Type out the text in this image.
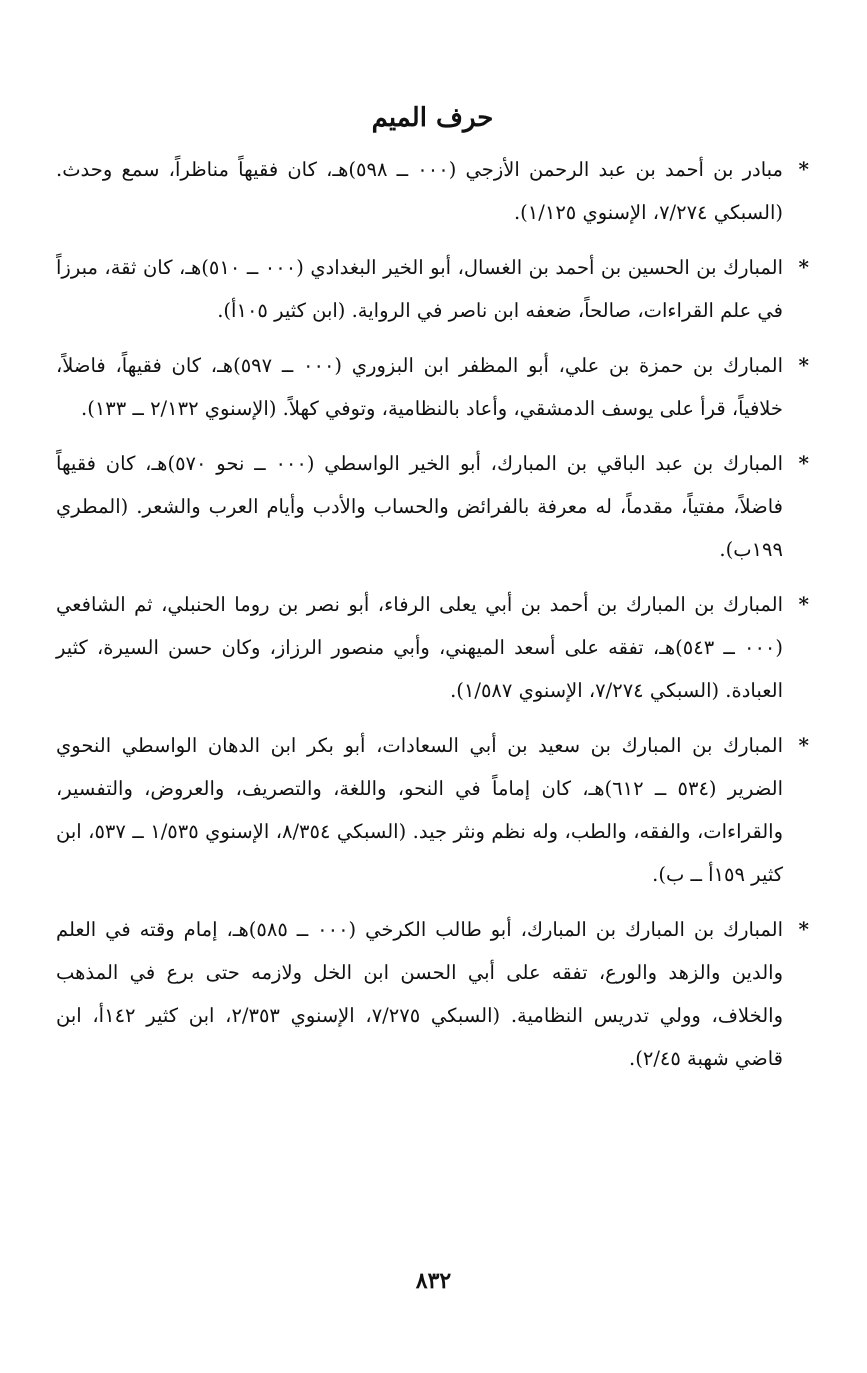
حرف الميم
*
مبادر بن أحمد بن عبد الرحمن الأزجي (٠٠٠ ــ ٥٩٨)هـ، كان فقيهاً مناظراً، سمع وحدث. (السبكي ٧/٢٧٤، الإسنوي ١/١٢٥).
*
المبارك بن الحسين بن أحمد بن الغسال، أبو الخير البغدادي (٠٠٠ ــ ٥١٠)هـ، كان ثقة، مبرزاً في علم القراءات، صالحاً، ضعفه ابن ناصر في الرواية. (ابن كثير ١٠٥أ).
*
المبارك بن حمزة بن علي، أبو المظفر ابن البزوري (٠٠٠ ــ ٥٩٧)هـ، كان فقيهاً، فاضلاً، خلافياً، قرأ على يوسف الدمشقي، وأعاد بالنظامية، وتوفي كهلاً. (الإسنوي ٢/١٣٢ ــ ١٣٣).
*
المبارك بن عبد الباقي بن المبارك، أبو الخير الواسطي (٠٠٠ ــ نحو ٥٧٠)هـ، كان فقيهاً فاضلاً، مفتياً، مقدماً، له معرفة بالفرائض والحساب والأدب وأيام العرب والشعر. (المطري ١٩٩ب).
*
المبارك بن المبارك بن أحمد بن أبي يعلى الرفاء، أبو نصر بن روما الحنبلي، ثم الشافعي (٠٠٠ ــ ٥٤٣)هـ، تفقه على أسعد الميهني، وأبي منصور الرزاز، وكان حسن السيرة، كثير العبادة. (السبكي ٧/٢٧٤، الإسنوي ١/٥٨٧).
*
المبارك بن المبارك بن سعيد بن أبي السعادات، أبو بكر ابن الدهان الواسطي النحوي الضرير (٥٣٤ ــ ٦١٢)هـ، كان إماماً في النحو، واللغة، والتصريف، والعروض، والتفسير، والقراءات، والفقه، والطب، وله نظم ونثر جيد. (السبكي ٨/٣٥٤، الإسنوي ١/٥٣٥ ــ ٥٣٧، ابن كثير ١٥٩أ ــ ب).
*
المبارك بن المبارك بن المبارك، أبو طالب الكرخي (٠٠٠ ــ ٥٨٥)هـ، إمام وقته في العلم والدين والزهد والورع، تفقه على أبي الحسن ابن الخل ولازمه حتى برع في المذهب والخلاف، وولي تدريس النظامية. (السبكي ٧/٢٧٥، الإسنوي ٢/٣٥٣، ابن كثير ١٤٢أ، ابن قاضي شهبة ٢/٤٥).
٨٣٢
